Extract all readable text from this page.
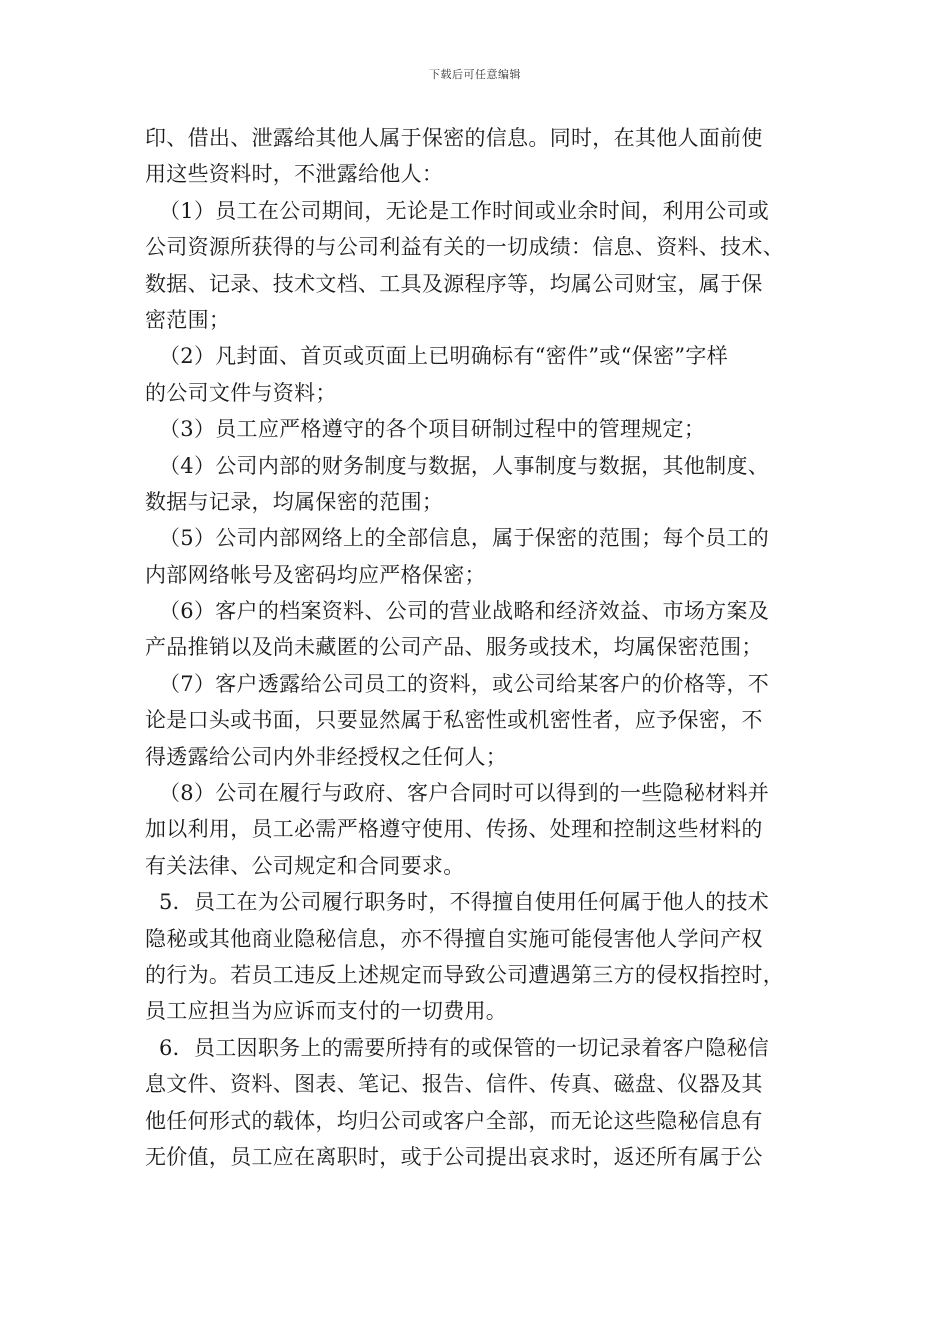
下载后可任意编辑
印、借出、泄露给其他人属于保密的信息。同时，在其他人面前使
用这些资料时，不泄露给他人：
（1）员工在公司期间，无论是工作时间或业余时间，利用公司或
公司资源所获得的与公司利益有关的一切成绩：信息、资料、技术、
数据、记录、技术文档、工具及源程序等，均属公司财宝，属于保
密范围；
（2）凡封面、首页或页面上已明确标有“密件”或“保密”字样
的公司文件与资料；
（3）员工应严格遵守的各个项目研制过程中的管理规定；
（4）公司内部的财务制度与数据，人事制度与数据，其他制度、
数据与记录，均属保密的范围；
（5）公司内部网络上的全部信息，属于保密的范围；每个员工的
内部网络帐号及密码均应严格保密；
（6）客户的档案资料、公司的营业战略和经济效益、市场方案及
产品推销以及尚未藏匿的公司产品、服务或技术，均属保密范围；
（7）客户透露给公司员工的资料，或公司给某客户的价格等，不
论是口头或书面，只要显然属于私密性或机密性者，应予保密，不
得透露给公司内外非经授权之任何人；
（8）公司在履行与政府、客户合同时可以得到的一些隐秘材料并
加以利用，员工必需严格遵守使用、传扬、处理和控制这些材料的
有关法律、公司规定和合同要求。
5．员工在为公司履行职务时，不得擅自使用任何属于他人的技术
隐秘或其他商业隐秘信息，亦不得擅自实施可能侵害他人学问产权
的行为。若员工违反上述规定而导致公司遭遇第三方的侵权指控时，
员工应担当为应诉而支付的一切费用。
6．员工因职务上的需要所持有的或保管的一切记录着客户隐秘信
息文件、资料、图表、笔记、报告、信件、传真、磁盘、仪器及其
他任何形式的载体，均归公司或客户全部，而无论这些隐秘信息有
无价值，员工应在离职时，或于公司提出哀求时，返还所有属于公
